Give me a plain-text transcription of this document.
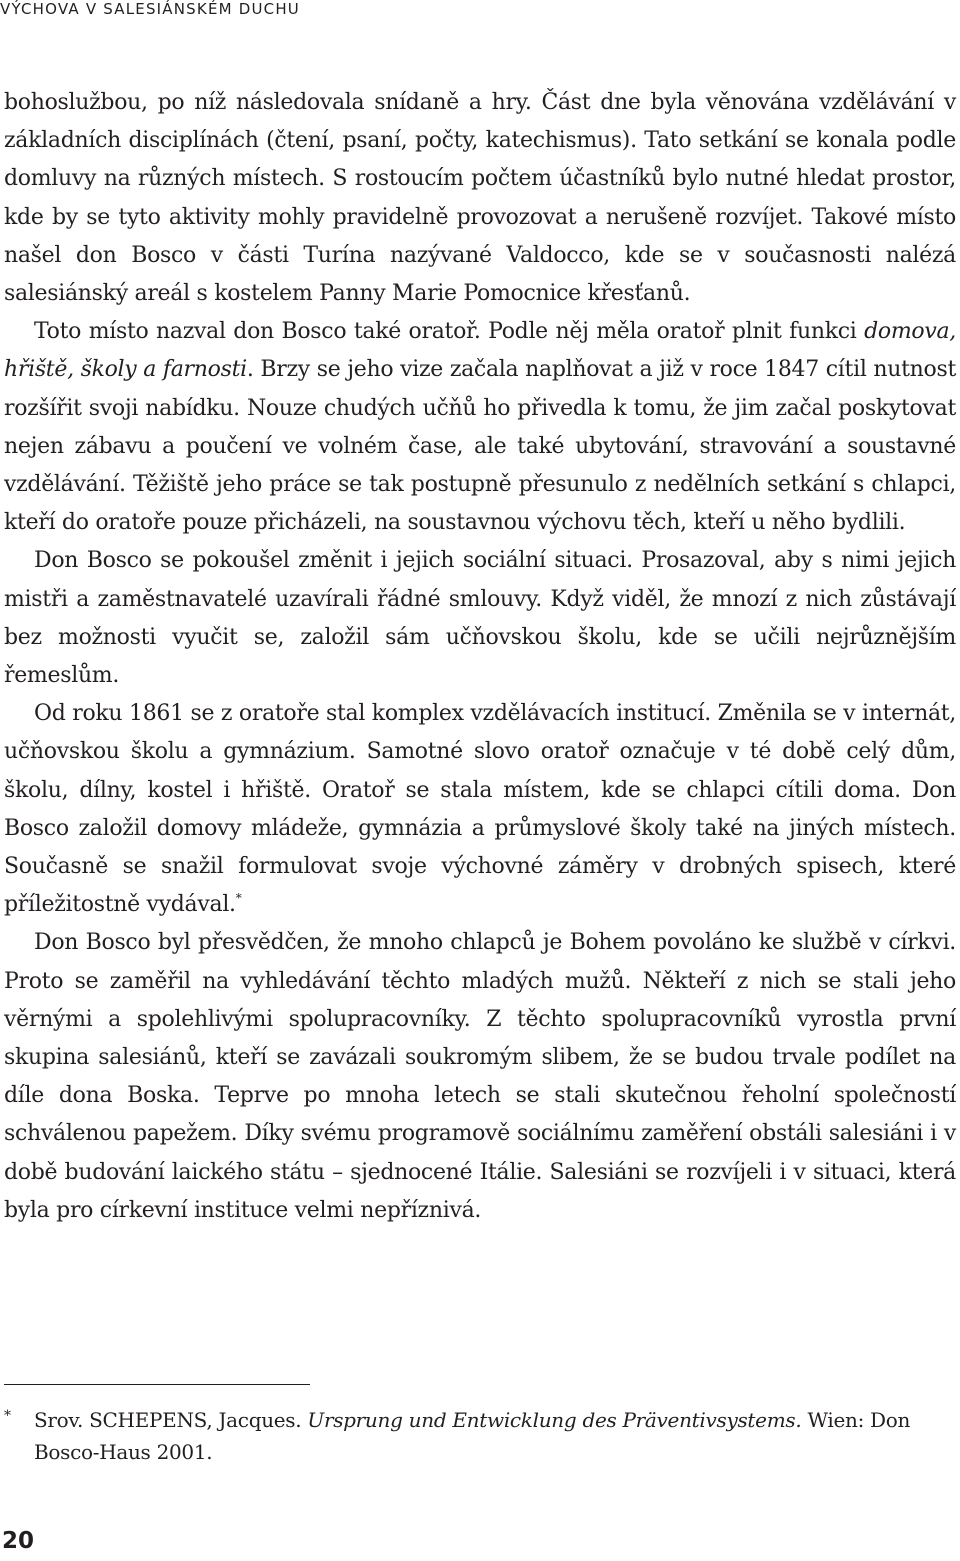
VÝCHOVA V SALESIÁNSKÉM DUCHU

bohoslužbou, po níž následovala snídaně a hry. Část dne byla věnována vzdělávání v základních disciplínách (čtení, psaní, počty, katechismus). Tato setkání se konala podle domluvy na různých místech. S rostoucím počtem účastníků bylo nutné hledat prostor, kde by se tyto aktivity mohly pravidelně provozovat a nerušeně rozvíjet. Takové místo našel don Bosco v části Turína nazývané Valdocco, kde se v současnosti nalézá salesiánský areál s kostelem Panny Marie Pomocnice křesťanů.

Toto místo nazval don Bosco také oratoř. Podle něj měla oratoř plnit funkci domova, hřiště, školy a farnosti. Brzy se jeho vize začala naplňovat a již v roce 1847 cítil nutnost rozšířit svoji nabídku. Nouze chudých učňů ho přivedla k tomu, že jim začal poskytovat nejen zábavu a poučení ve volném čase, ale také ubytování, stravování a soustavné vzdělávání. Těžiště jeho práce se tak postupně přesunulo z nedělních setkání s chlapci, kteří do oratoře pouze přicházeli, na soustavnou výchovu těch, kteří u něho bydlili.

Don Bosco se pokoušel změnit i jejich sociální situaci. Prosazoval, aby s nimi jejich mistři a zaměstnavatelé uzavírali řádné smlouvy. Když viděl, že mnozí z nich zůstávají bez možnosti vyučit se, založil sám učňovskou školu, kde se učili nejrůznějším řemeslům.

Od roku 1861 se z oratoře stal komplex vzdělávacích institucí. Změnila se v internát, učňovskou školu a gymnázium. Samotné slovo oratoř označuje v té době celý dům, školu, dílny, kostel i hřiště. Oratoř se stala místem, kde se chlapci cítili doma. Don Bosco založil domovy mládeže, gymnázia a průmyslové školy také na jiných místech. Současně se snažil formulovat svoje výchovné záměry v drobných spisech, které příležitostně vydával.*

Don Bosco byl přesvědčen, že mnoho chlapců je Bohem povoláno ke službě v církvi. Proto se zaměřil na vyhledávání těchto mladých mužů. Někteří z nich se stali jeho věrnými a spolehlivými spolupracovníky. Z těchto spolupracovníků vyrostla první skupina salesiánů, kteří se zavázali soukromým slibem, že se budou trvale podílet na díle dona Boska. Teprve po mnoha letech se stali skutečnou řeholní společností schválenou papežem. Díky svému programově sociálnímu zaměření obstáli salesiáni i v době budování laického státu – sjednocené Itálie. Salesiáni se rozvíjeli i v situaci, která byla pro církevní instituce velmi nepříznivá.

* Srov. SCHEPENS, Jacques. Ursprung und Entwicklung des Präventivsystems. Wien: Don Bosco-Haus 2001.
20
